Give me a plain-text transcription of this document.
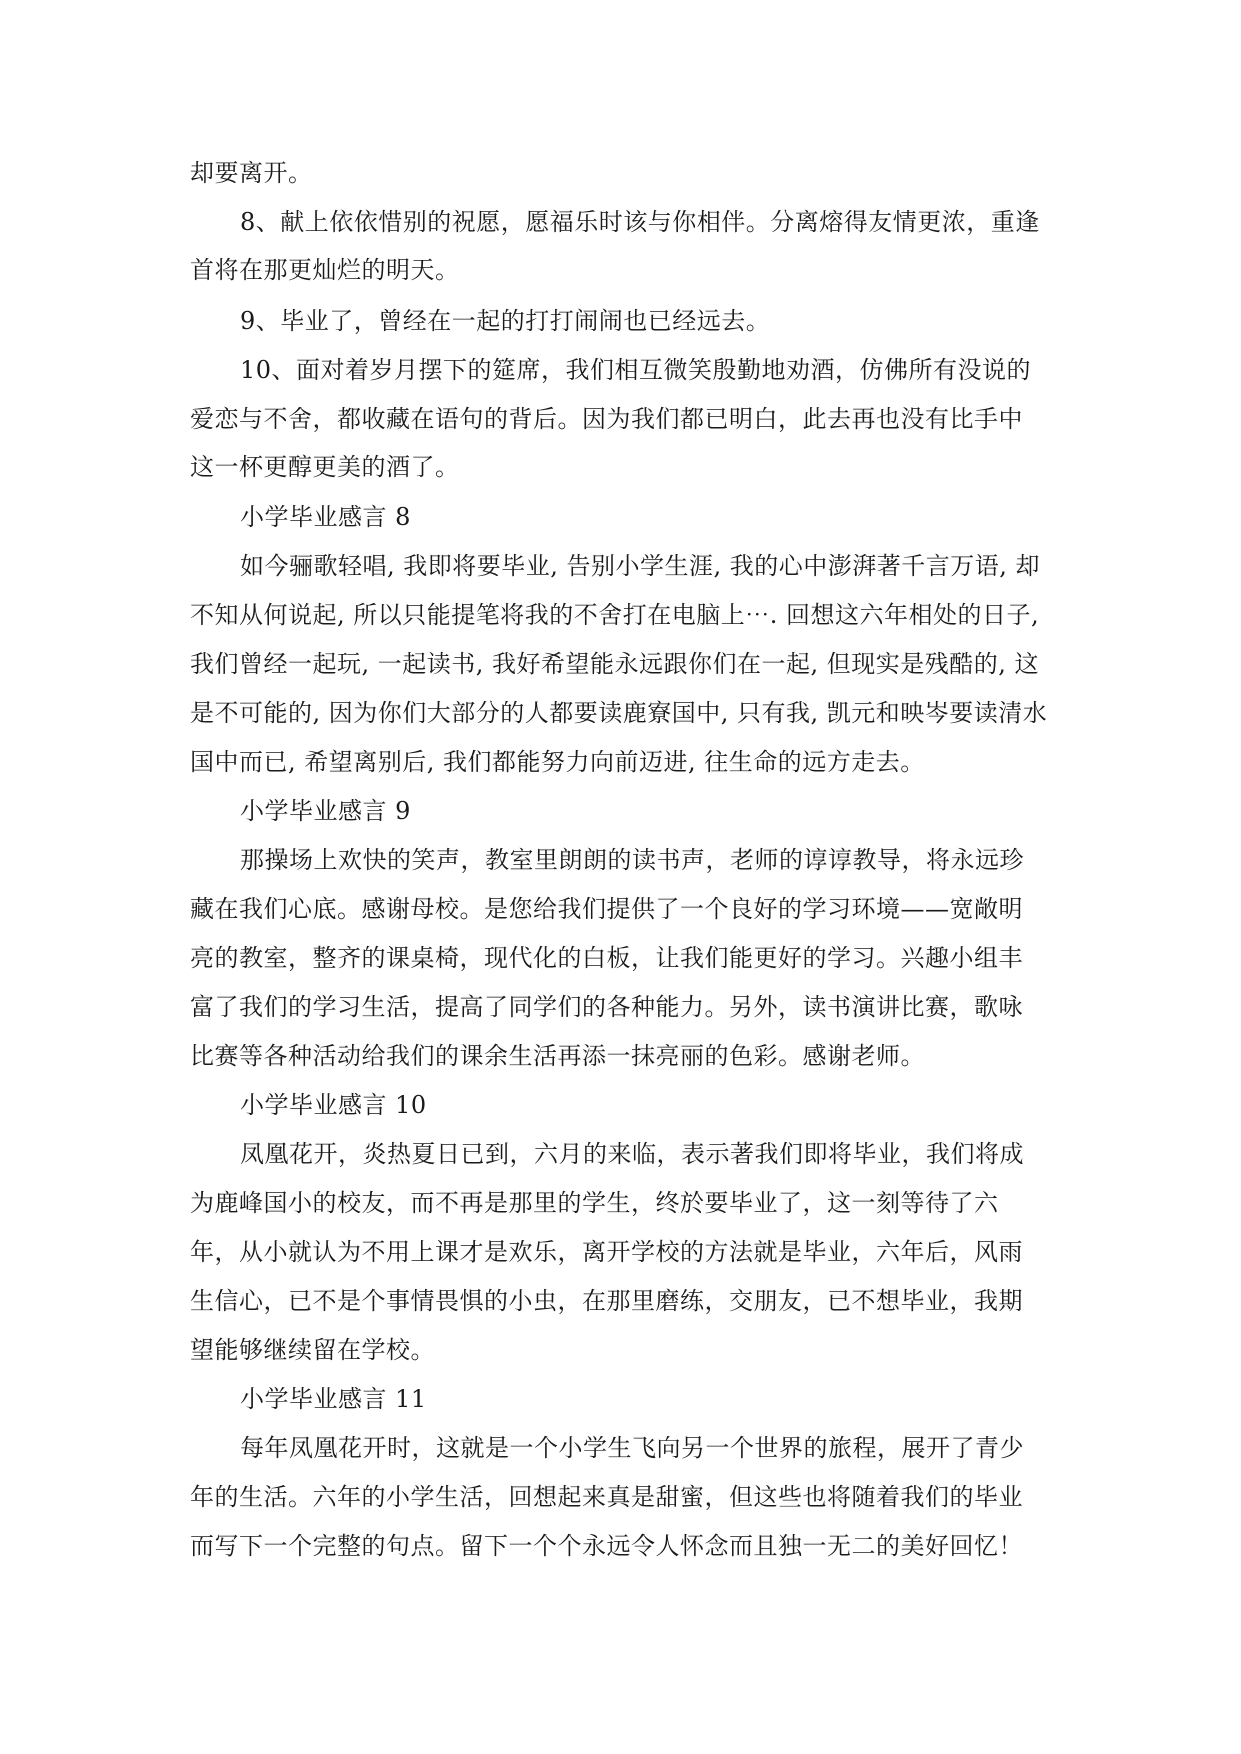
却要离开。
8、献上依依惜别的祝愿，愿福乐时该与你相伴。分离熔得友情更浓，重逢
首将在那更灿烂的明天。
9、毕业了，曾经在一起的打打闹闹也已经远去。
10、面对着岁月摆下的筵席，我们相互微笑殷勤地劝酒，仿佛所有没说的
爱恋与不舍，都收藏在语句的背后。因为我们都已明白，此去再也没有比手中
这一杯更醇更美的酒了。
小学毕业感言 8
如今骊歌轻唱, 我即将要毕业, 告别小学生涯, 我的心中澎湃著千言万语, 却
不知从何说起, 所以只能提笔将我的不舍打在电脑上⋯. 回想这六年相处的日子,
我们曾经一起玩, 一起读书, 我好希望能永远跟你们在一起, 但现实是残酷的, 这
是不可能的, 因为你们大部分的人都要读鹿寮国中, 只有我, 凯元和映岑要读清水
国中而已, 希望离别后, 我们都能努力向前迈进, 往生命的远方走去。
小学毕业感言 9
那操场上欢快的笑声，教室里朗朗的读书声，老师的谆谆教导，将永远珍
藏在我们心底。感谢母校。是您给我们提供了一个良好的学习环境——宽敞明
亮的教室，整齐的课桌椅，现代化的白板，让我们能更好的学习。兴趣小组丰
富了我们的学习生活，提高了同学们的各种能力。另外，读书演讲比赛，歌咏
比赛等各种活动给我们的课余生活再添一抹亮丽的色彩。感谢老师。
小学毕业感言 10
凤凰花开，炎热夏日已到，六月的来临，表示著我们即将毕业，我们将成
为鹿峰国小的校友，而不再是那里的学生，终於要毕业了，这一刻等待了六
年，从小就认为不用上课才是欢乐，离开学校的方法就是毕业，六年后，风雨
生信心，已不是个事情畏惧的小虫，在那里磨练，交朋友，已不想毕业，我期
望能够继续留在学校。
小学毕业感言 11
每年凤凰花开时，这就是一个小学生飞向另一个世界的旅程，展开了青少
年的生活。六年的小学生活，回想起来真是甜蜜，但这些也将随着我们的毕业
而写下一个完整的句点。留下一个个永远令人怀念而且独一无二的美好回忆！
